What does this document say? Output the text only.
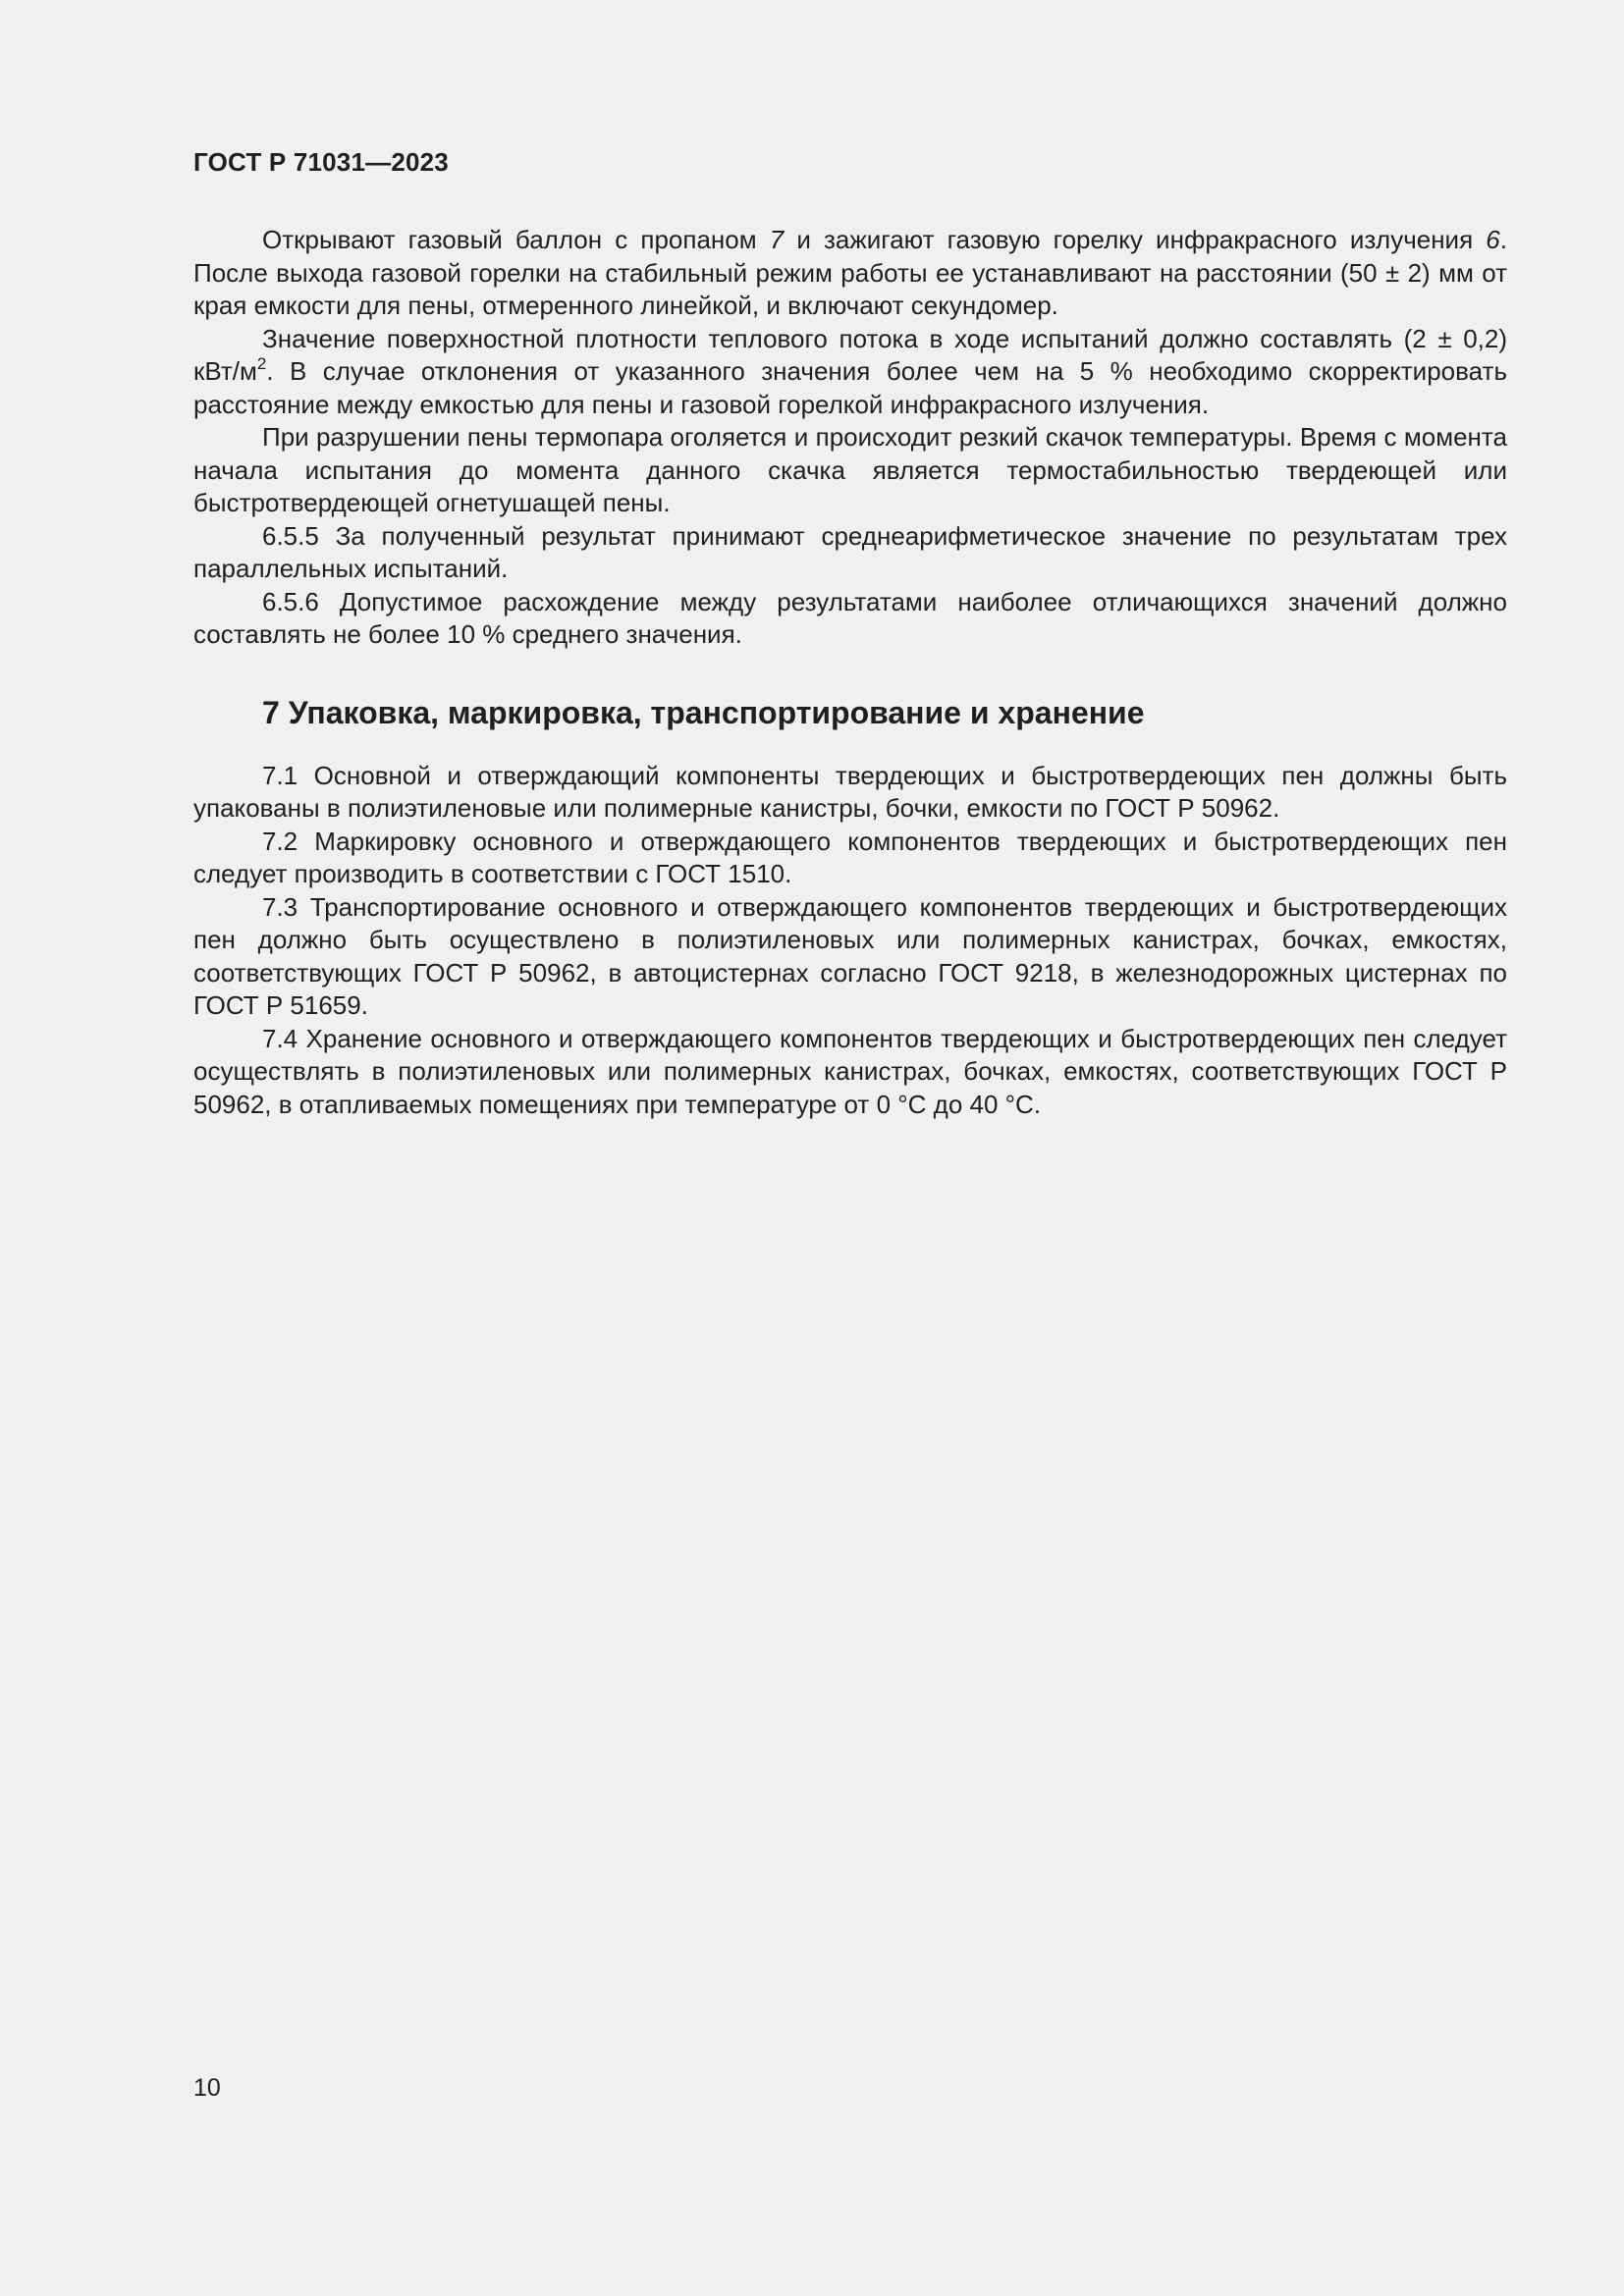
ГОСТ Р 71031—2023

Открывают газовый баллон с пропаном 7 и зажигают газовую горелку инфракрасного излучения 6. После выхода газовой горелки на стабильный режим работы ее устанавливают на расстоянии (50 ± 2) мм от края емкости для пены, отмеренного линейкой, и включают секундомер.

Значение поверхностной плотности теплового потока в ходе испытаний должно составлять (2 ± 0,2) кВт/$м^2$. В случае отклонения от указанного значения более чем на 5 % необходимо скорректировать расстояние между емкостью для пены и газовой горелкой инфракрасного излучения.

При разрушении пены термопара оголяется и происходит резкий скачок температуры. Время с момента начала испытания до момента данного скачка является термостабильностью твердеющей или быстротвердеющей огнетушащей пены.

6.5.5 За полученный результат принимают среднеарифметическое значение по результатам трех параллельных испытаний.

6.5.6 Допустимое расхождение между результатами наиболее отличающихся значений должно составлять не более 10 % среднего значения.

7 Упаковка, маркировка, транспортирование и хранение

7.1 Основной и отверждающий компоненты твердеющих и быстротвердеющих пен должны быть упакованы в полиэтиленовые или полимерные канистры, бочки, емкости по ГОСТ Р 50962.

7.2 Маркировку основного и отверждающего компонентов твердеющих и быстротвердеющих пен следует производить в соответствии с ГОСТ 1510.

7.3 Транспортирование основного и отверждающего компонентов твердеющих и быстротвердеющих пен должно быть осуществлено в полиэтиленовых или полимерных канистрах, бочках, емкостях, соответствующих ГОСТ Р 50962, в автоцистернах согласно ГОСТ 9218, в железнодорожных цистернах по ГОСТ Р 51659.

7.4 Хранение основного и отверждающего компонентов твердеющих и быстротвердеющих пен следует осуществлять в полиэтиленовых или полимерных канистрах, бочках, емкостях, соответствующих ГОСТ Р 50962, в отапливаемых помещениях при температуре от 0 °С до 40 °С.

10
